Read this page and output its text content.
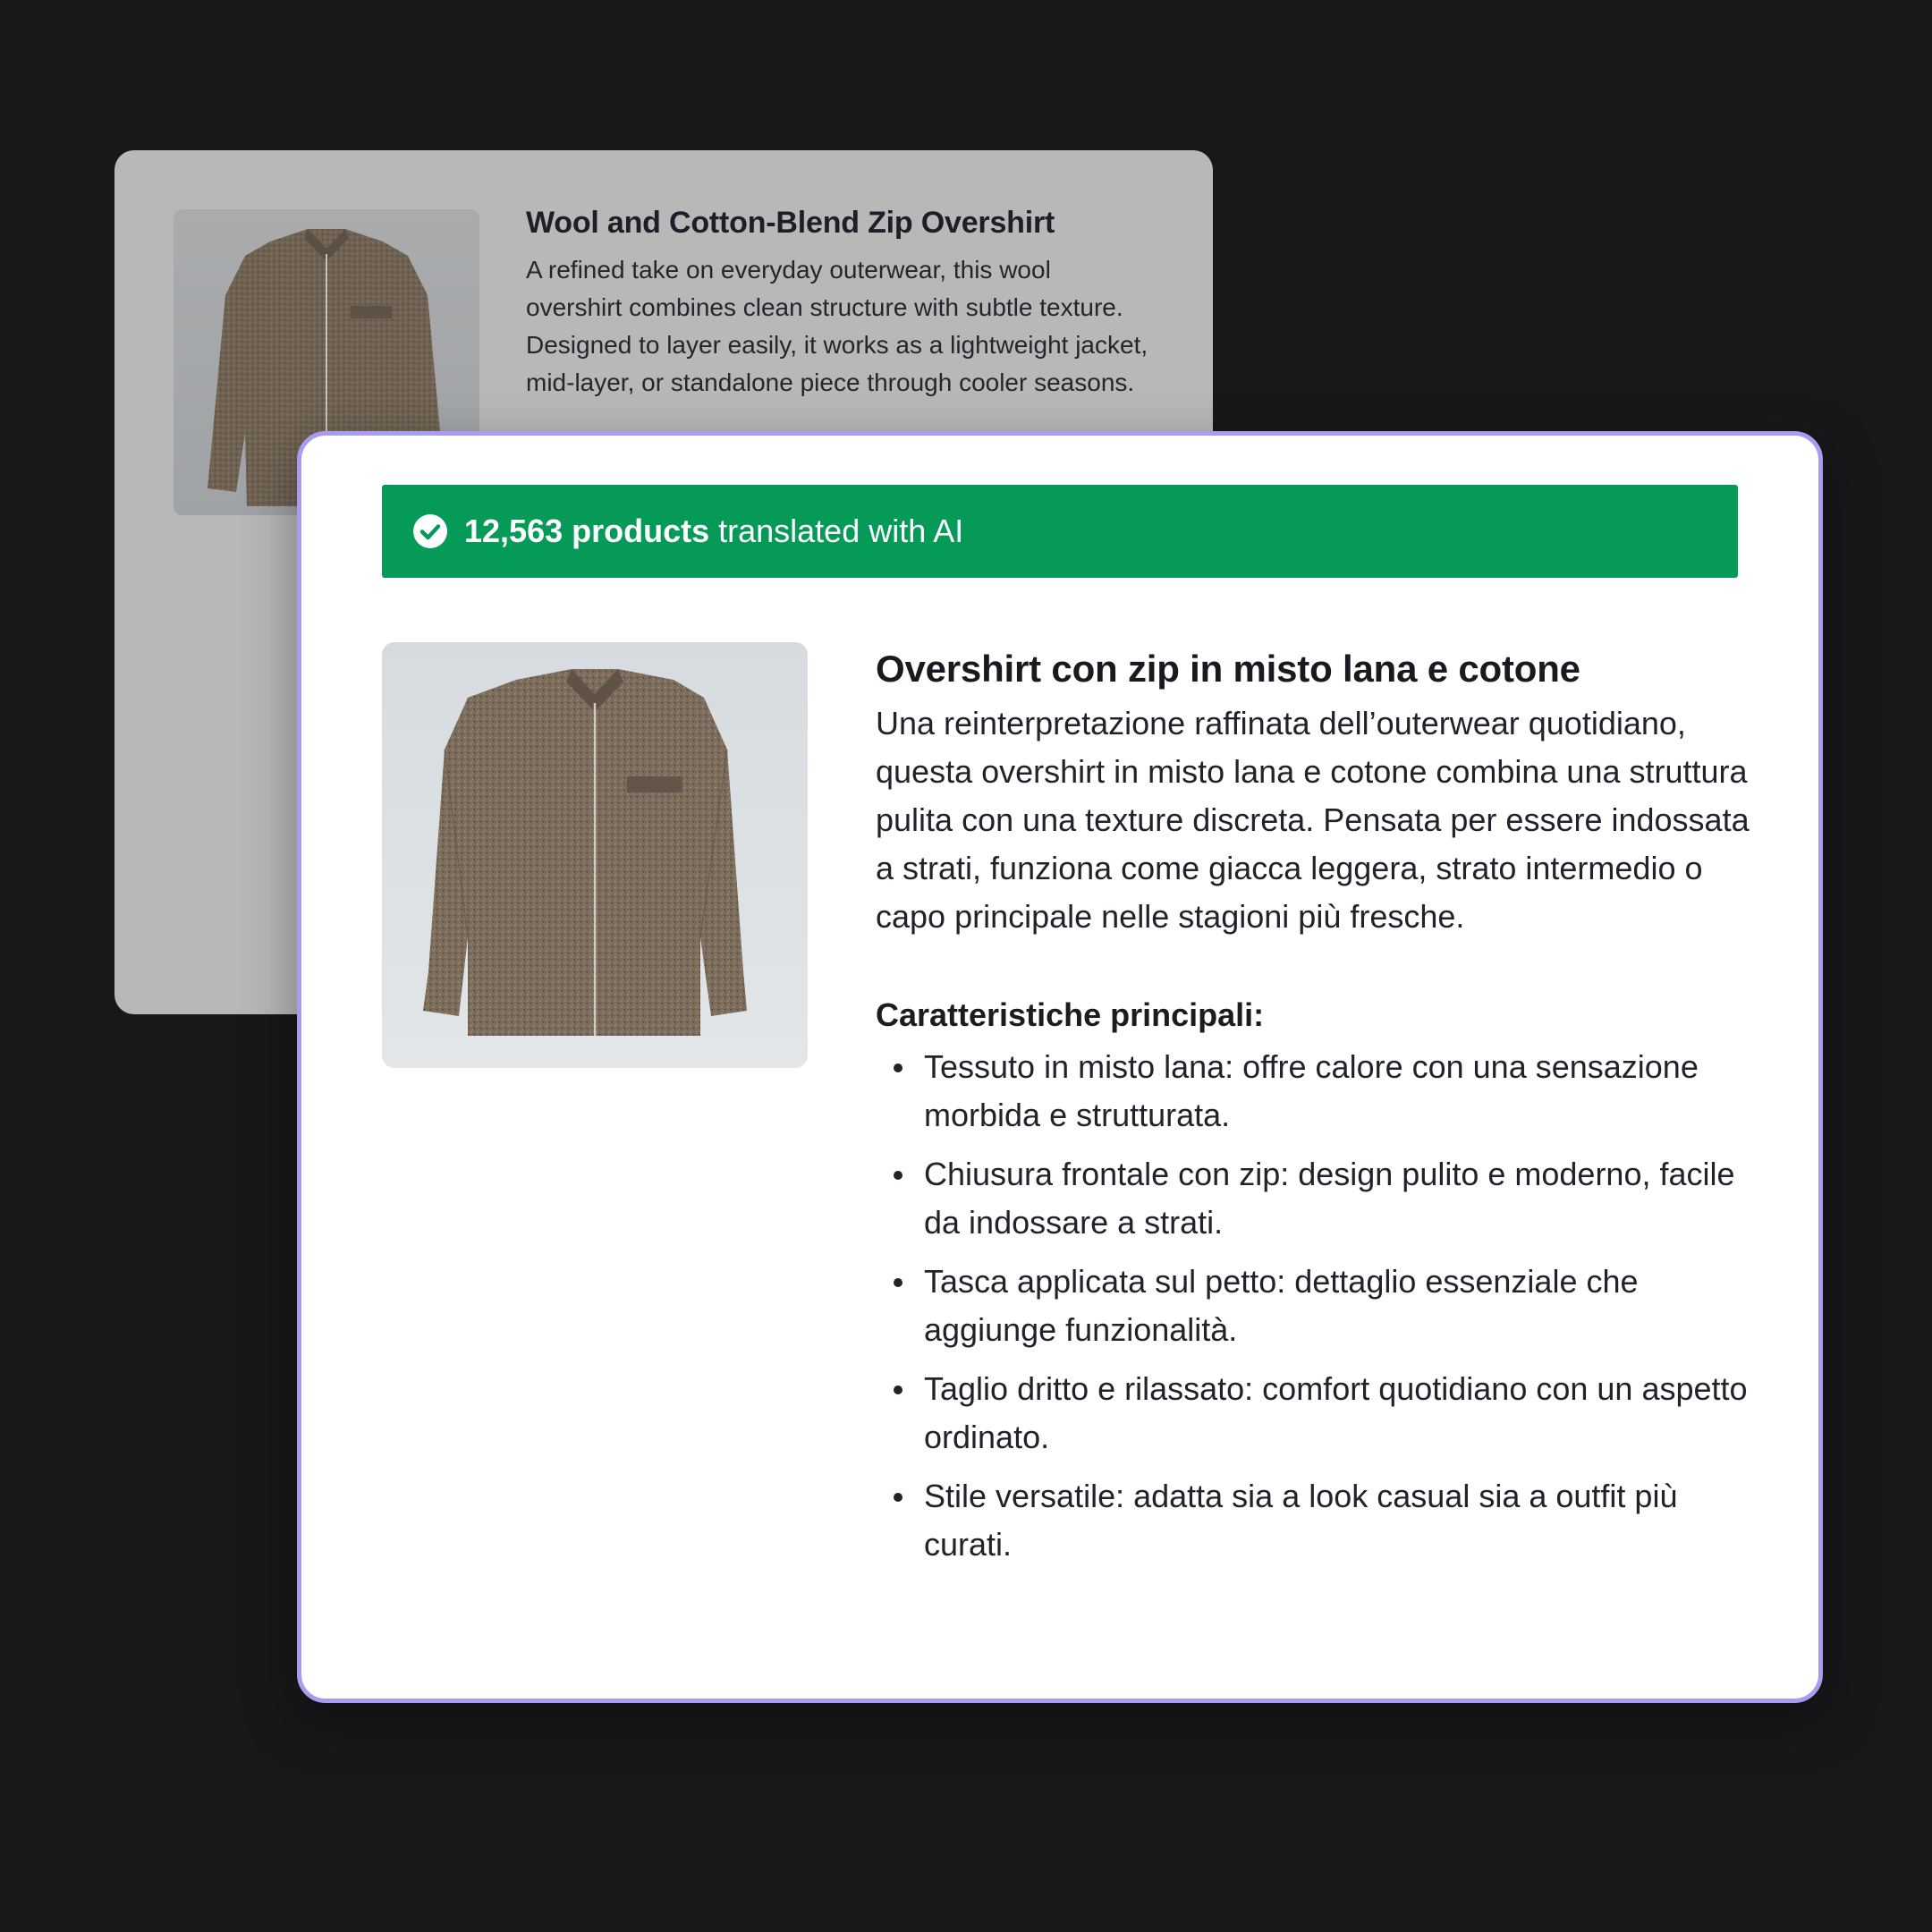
Wool and Cotton-Blend Zip Overshirt

A refined take on everyday outerwear, this wool overshirt combines clean structure with subtle texture. Designed to layer easily, it works as a lightweight jacket, mid-layer, or standalone piece through cooler seasons.

12,563 products translated with AI
Overshirt con zip in misto lana e cotone

Una reinterpretazione raffinata dell’outerwear quotidiano, questa overshirt in misto lana e cotone combina una struttura pulita con una texture discreta. Pensata per essere indossata a strati, funziona come giacca leggera, strato intermedio o capo principale nelle stagioni più fresche.

Caratteristiche principali:
Tessuto in misto lana: offre calore con una sensazione morbida e strutturata.
Chiusura frontale con zip: design pulito e moderno, facile da indossare a strati.
Tasca applicata sul petto: dettaglio essenziale che aggiunge funzionalità.
Taglio dritto e rilassato: comfort quotidiano con un aspetto ordinato.
Stile versatile: adatta sia a look casual sia a outfit più curati.
